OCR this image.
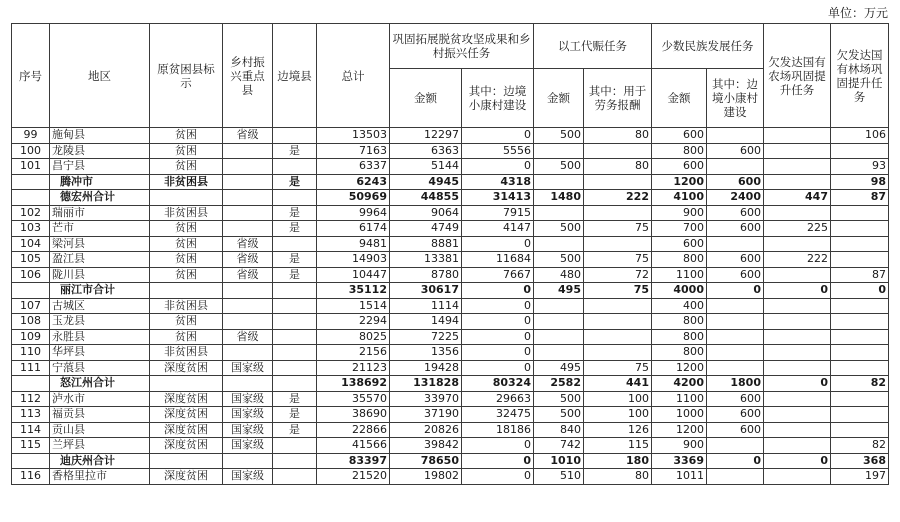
单位：万元
序号	地区	原贫困县标示	乡村振兴重点县	边境县	总计	巩固拓展脱贫攻坚成果和乡村振兴任务		以工代赈任务		少数民族发展任务		欠发达国有农场巩固提升任务	欠发达国有林场巩固提升任务
						金额	其中：边境小康村建设	金额	其中：用于劳务报酬	金额	其中：边境小康村建设		
99	施甸县	贫困	省级		13503	12297	0	500	80	600			106
100	龙陵县	贫困		是	7163	6363	5556			800	600		
101	昌宁县	贫困			6337	5144	0	500	80	600			93
	腾冲市	非贫困县		是	6243	4945	4318			1200	600		98
	德宏州合计				50969	44855	31413	1480	222	4100	2400	447	87
102	瑞丽市	非贫困县		是	9964	9064	7915			900	600		
103	芒市	贫困		是	6174	4749	4147	500	75	700	600	225	
104	梁河县	贫困	省级		9481	8881	0			600			
105	盈江县	贫困	省级	是	14903	13381	11684	500	75	800	600	222	
106	陇川县	贫困	省级	是	10447	8780	7667	480	72	1100	600		87
	丽江市合计				35112	30617	0	495	75	4000	0	0	0
107	古城区	非贫困县			1514	1114	0			400			
108	玉龙县	贫困			2294	1494	0			800			
109	永胜县	贫困	省级		8025	7225	0			800			
110	华坪县	非贫困县			2156	1356	0			800			
111	宁蒗县	深度贫困	国家级		21123	19428	0	495	75	1200			
	怒江州合计				138692	131828	80324	2582	441	4200	1800	0	82
112	泸水市	深度贫困	国家级	是	35570	33970	29663	500	100	1100	600		
113	福贡县	深度贫困	国家级	是	38690	37190	32475	500	100	1000	600		
114	贡山县	深度贫困	国家级	是	22866	20826	18186	840	126	1200	600		
115	兰坪县	深度贫困	国家级		41566	39842	0	742	115	900			82
	迪庆州合计				83397	78650	0	1010	180	3369	0	0	368
116	香格里拉市	深度贫困	国家级		21520	19802	0	510	80	1011			197
